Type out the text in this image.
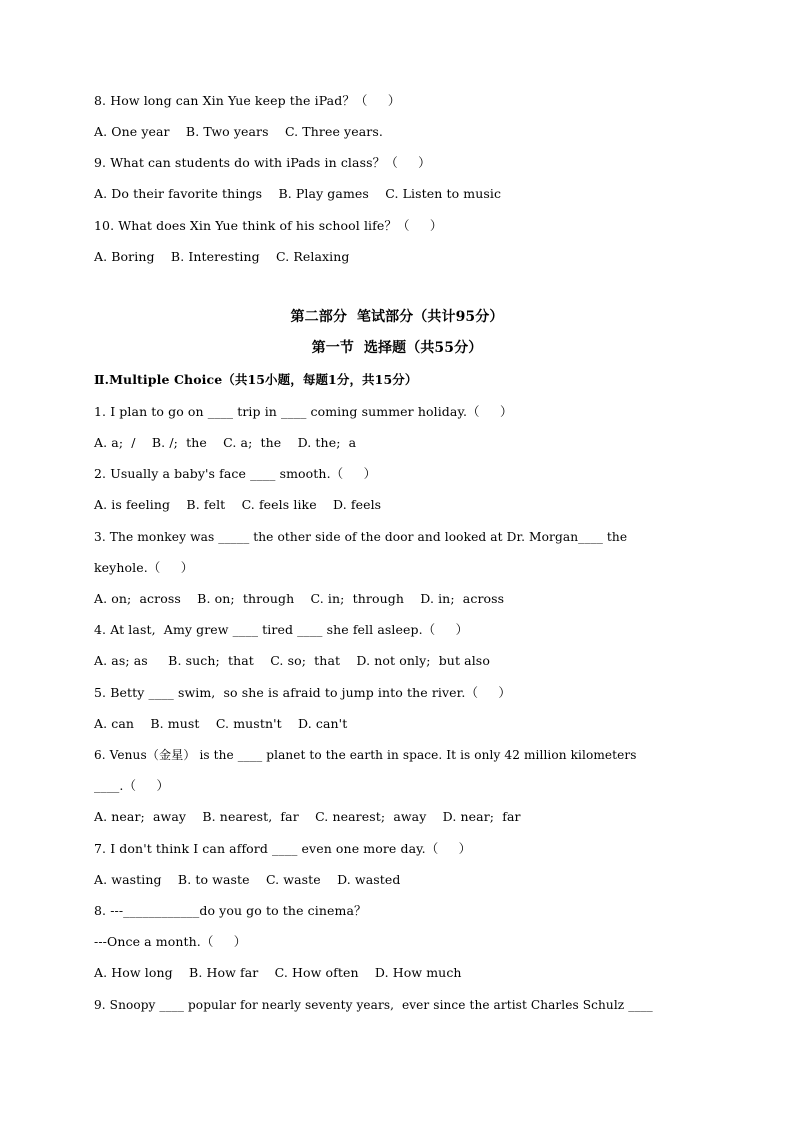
8. How long can Xin Yue keep the iPad？（     ）
A. One year    B. Two years    C. Three years.
9. What can students do with iPads in class？（     ）
A. Do their favorite things    B. Play games    C. Listen to music
10. What does Xin Yue think of his school life？（     ）
A. Boring    B. Interesting    C. Relaxing
第二部分  笔试部分（共计95分）
第一节  选择题（共55分）
Ⅱ.Multiple Choice（共15小题，每题1分，共15分）
1. I plan to go on ____ trip in ____ coming summer holiday.（     ）
A. a;  /    B. /;  the    C. a;  the    D. the;  a
2. Usually a baby's face ____ smooth.（     ）
A. is feeling    B. felt    C. feels like    D. feels
3. The monkey was _____ the other side of the door and looked at Dr. Morgan____ the
keyhole.（     ）
A. on;  across    B. on;  through    C. in;  through    D. in;  across
4. At last,  Amy grew ____ tired ____ she fell asleep.（     ）
A. as; as     B. such;  that    C. so;  that    D. not only;  but also
5. Betty ____ swim,  so she is afraid to jump into the river.（     ）
A. can    B. must    C. mustn't    D. can't
6. Venus（金星） is the ____ planet to the earth in space. It is only 42 million kilometers
____.（     ）
A. near;  away    B. nearest,  far    C. nearest;  away    D. near;  far
7. I don't think I can afford ____ even one more day.（     ）
A. wasting    B. to waste    C. waste    D. wasted
8. ---____________do you go to the cinema？
---Once a month.（     ）
A. How long    B. How far    C. How often    D. How much
9. Snoopy ____ popular for nearly seventy years,  ever since the artist Charles Schulz ____
